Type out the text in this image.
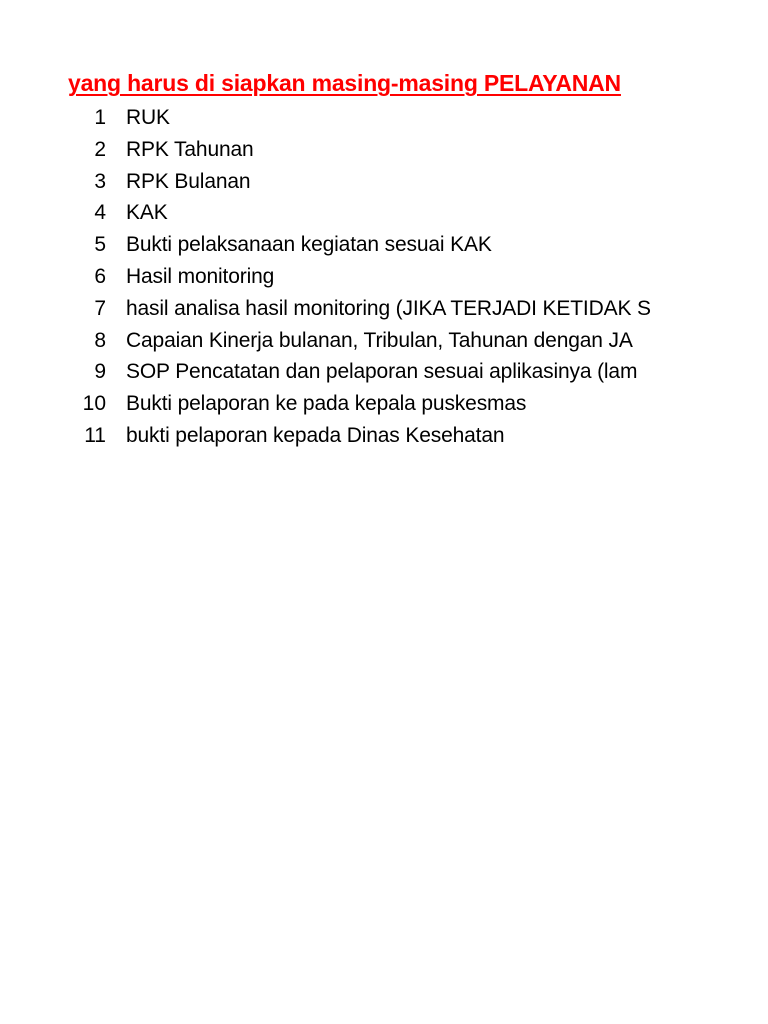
yang harus di siapkan masing-masing PELAYANAN
1 RUK
2 RPK Tahunan
3 RPK Bulanan
4 KAK
5 Bukti pelaksanaan kegiatan sesuai KAK
6 Hasil monitoring
7 hasil analisa hasil monitoring (JIKA TERJADI KETIDAK S
8 Capaian Kinerja bulanan, Tribulan, Tahunan dengan JA
9 SOP Pencatatan dan pelaporan sesuai aplikasinya (lam
10 Bukti pelaporan ke pada kepala puskesmas
11 bukti pelaporan kepada Dinas Kesehatan
